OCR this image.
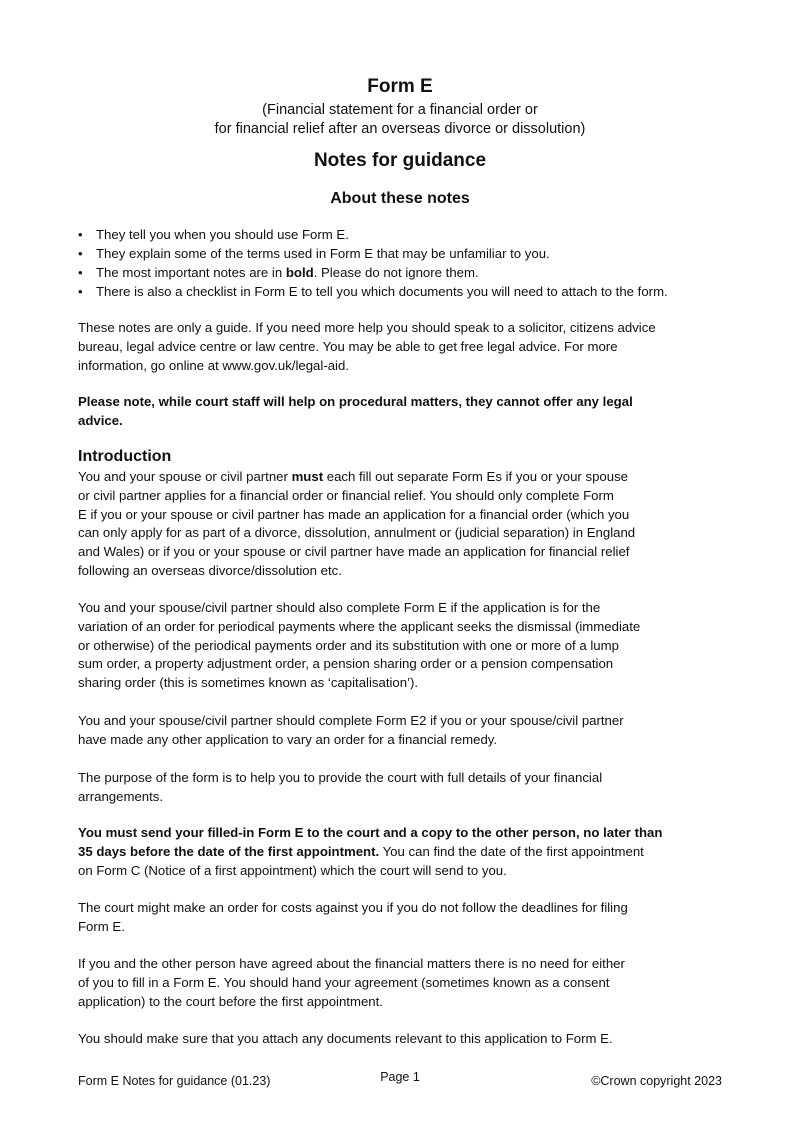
Form E
(Financial statement for a financial order or
for financial relief after an overseas divorce or dissolution)
Notes for guidance
About these notes
• They tell you when you should use Form E.
• They explain some of the terms used in Form E that may be unfamiliar to you.
• The most important notes are in bold. Please do not ignore them.
• There is also a checklist in Form E to tell you which documents you will need to attach to the form.
These notes are only a guide. If you need more help you should speak to a solicitor, citizens advice
bureau, legal advice centre or law centre. You may be able to get free legal advice. For more
information, go online at www.gov.uk/legal-aid.
Please note, while court staff will help on procedural matters, they cannot offer any legal
advice.
Introduction
You and your spouse or civil partner must each fill out separate Form Es if you or your spouse
or civil partner applies for a financial order or financial relief. You should only complete Form
E if you or your spouse or civil partner has made an application for a financial order (which you
can only apply for as part of a divorce, dissolution, annulment or (judicial separation) in England
and Wales) or if you or your spouse or civil partner have made an application for financial relief
following an overseas divorce/dissolution etc.
You and your spouse/civil partner should also complete Form E if the application is for the
variation of an order for periodical payments where the applicant seeks the dismissal (immediate
or otherwise) of the periodical payments order and its substitution with one or more of a lump
sum order, a property adjustment order, a pension sharing order or a pension compensation
sharing order (this is sometimes known as ‘capitalisation’).
You and your spouse/civil partner should complete Form E2 if you or your spouse/civil partner
have made any other application to vary an order for a financial remedy.
The purpose of the form is to help you to provide the court with full details of your financial
arrangements.
You must send your filled-in Form E to the court and a copy to the other person, no later than
35 days before the date of the first appointment. You can find the date of the first appointment
on Form C (Notice of a first appointment) which the court will send to you.
The court might make an order for costs against you if you do not follow the deadlines for filing
Form E.
If you and the other person have agreed about the financial matters there is no need for either
of you to fill in a Form E. You should hand your agreement (sometimes known as a consent
application) to the court before the first appointment.
You should make sure that you attach any documents relevant to this application to Form E.
Form E Notes for guidance (01.23)	Page 1	©Crown copyright 2023
